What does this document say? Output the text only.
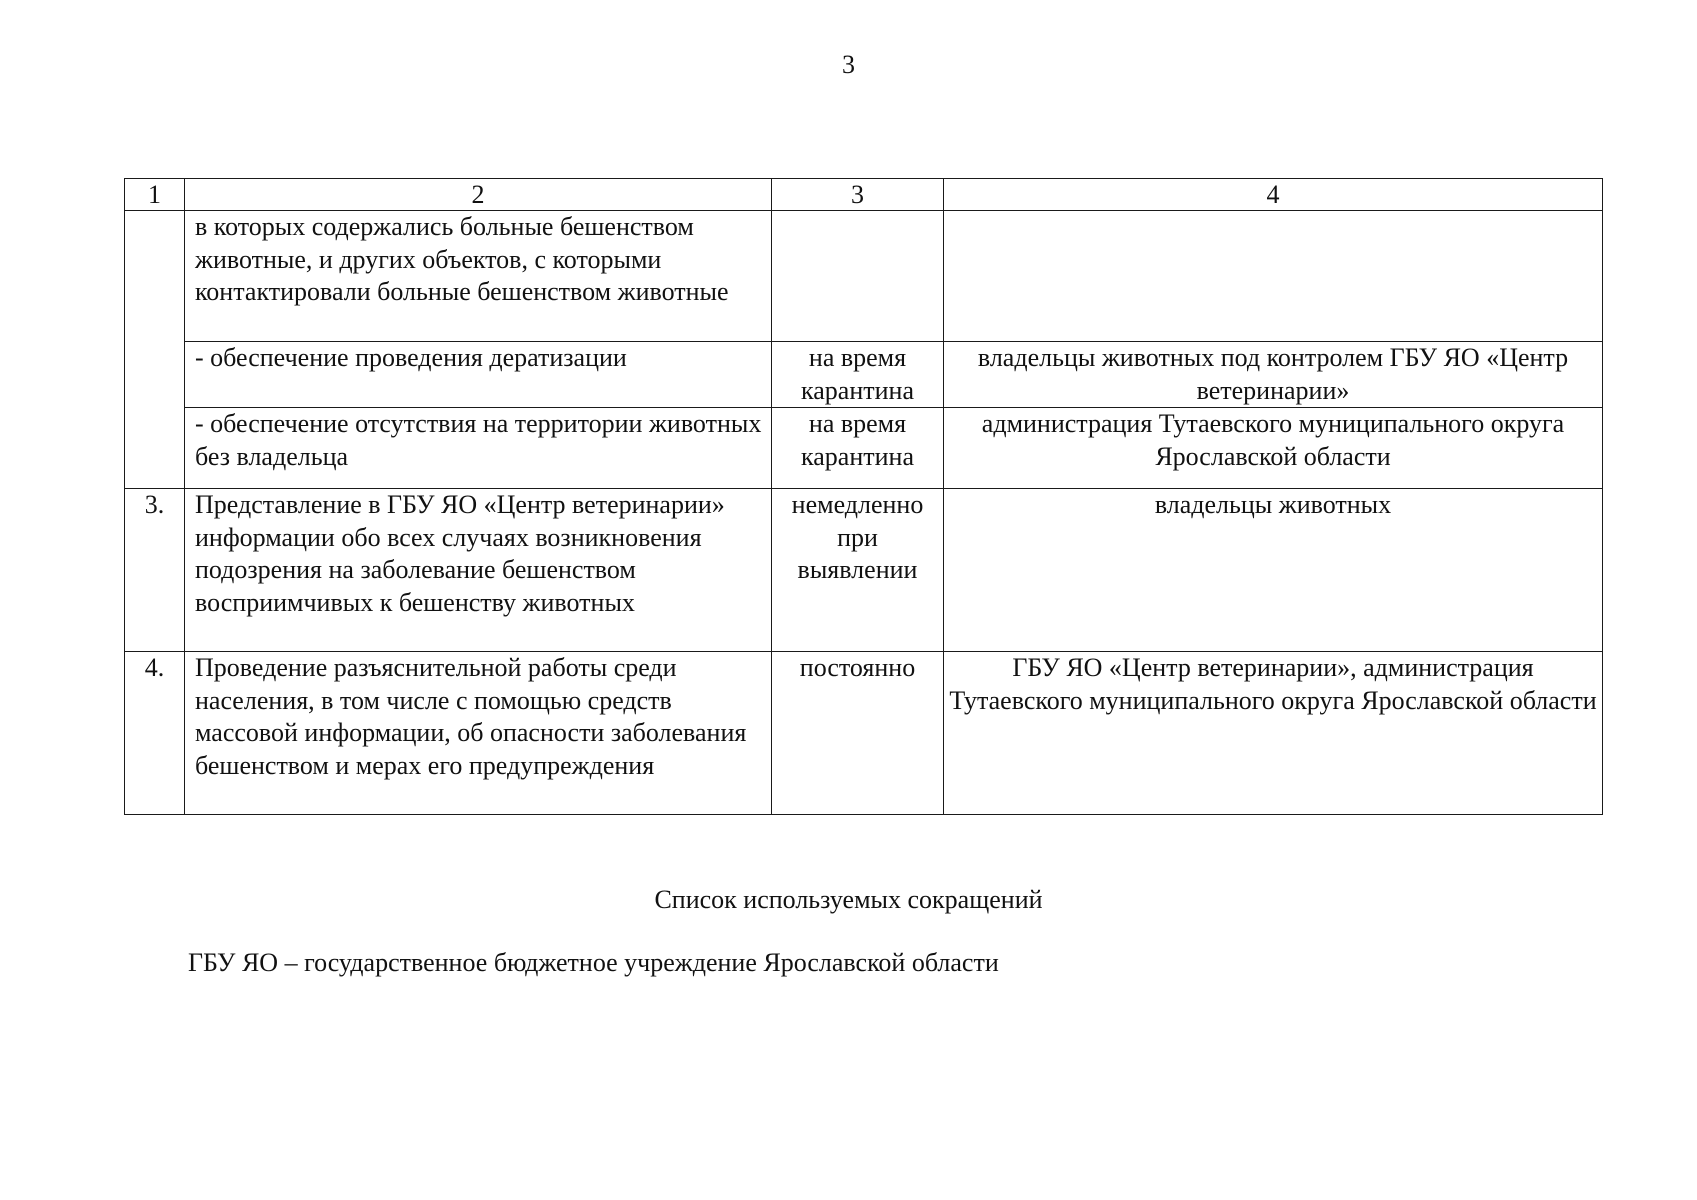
3
1	2	3	4
	в которых содержались больные бешенством животные, и других объектов, с которыми контактировали больные бешенством животные		
	- обеспечение проведения дератизации	на время карантина	владельцы животных под контролем ГБУ ЯО «Центр ветеринарии»
	- обеспечение отсутствия на территории животных без владельца	на время карантина	администрация Тутаевского муниципального округа Ярославской области
3.	Представление в ГБУ ЯО «Центр ветеринарии» информации обо всех случаях возникновения подозрения на заболевание бешенством восприимчивых к бешенству животных	немедленно при выявлении	владельцы животных
4.	Проведение разъяснительной работы среди населения, в том числе с помощью средств массовой информации, об опасности заболевания бешенством и мерах его предупреждения	постоянно	ГБУ ЯО «Центр ветеринарии», администрация Тутаевского муниципального округа Ярославской области
Список используемых сокращений
ГБУ ЯО – государственное бюджетное учреждение Ярославской области
